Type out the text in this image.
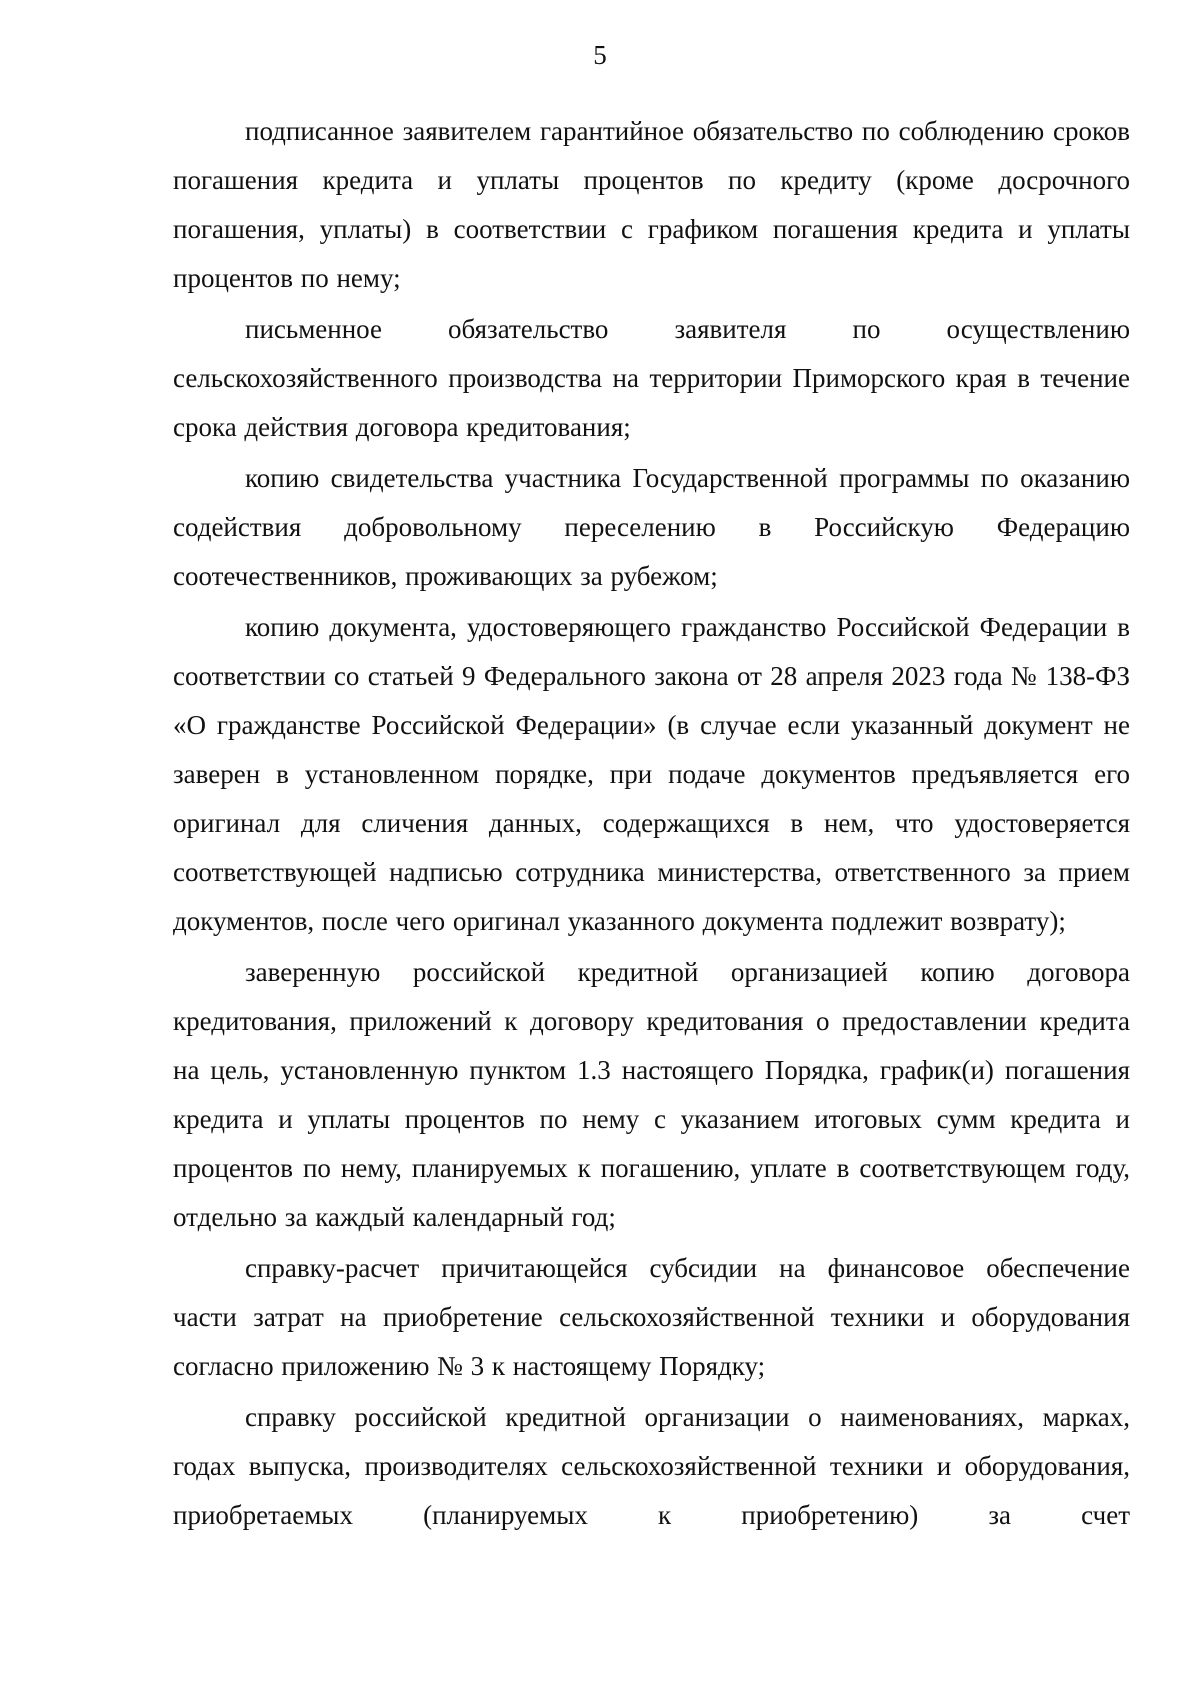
5

подписанное заявителем гарантийное обязательство по соблюдению сроков погашения кредита и уплаты процентов по кредиту (кроме досрочного погашения, уплаты) в соответствии с графиком погашения кредита и уплаты процентов по нему;

письменное обязательство заявителя по осуществлению сельскохозяйственного производства на территории Приморского края в течение срока действия договора кредитования;

копию свидетельства участника Государственной программы по оказанию содействия добровольному переселению в Российскую Федерацию соотечественников, проживающих за рубежом;

копию документа, удостоверяющего гражданство Российской Федерации в соответствии со статьей 9 Федерального закона от 28 апреля 2023 года № 138-ФЗ «О гражданстве Российской Федерации» (в случае если указанный документ не заверен в установленном порядке, при подаче документов предъявляется его оригинал для сличения данных, содержащихся в нем, что удостоверяется соответствующей надписью сотрудника министерства, ответственного за прием документов, после чего оригинал указанного документа подлежит возврату);

заверенную российской кредитной организацией копию договора кредитования, приложений к договору кредитования о предоставлении кредита на цель, установленную пунктом 1.3 настоящего Порядка, график(и) погашения кредита и уплаты процентов по нему с указанием итоговых сумм кредита и процентов по нему, планируемых к погашению, уплате в соответствующем году, отдельно за каждый календарный год;

справку-расчет причитающейся субсидии на финансовое обеспечение части затрат на приобретение сельскохозяйственной техники и оборудования согласно приложению № 3 к настоящему Порядку;

справку российской кредитной организации о наименованиях, марках, годах выпуска, производителях сельскохозяйственной техники и оборудования, приобретаемых (планируемых к приобретению) за счет
